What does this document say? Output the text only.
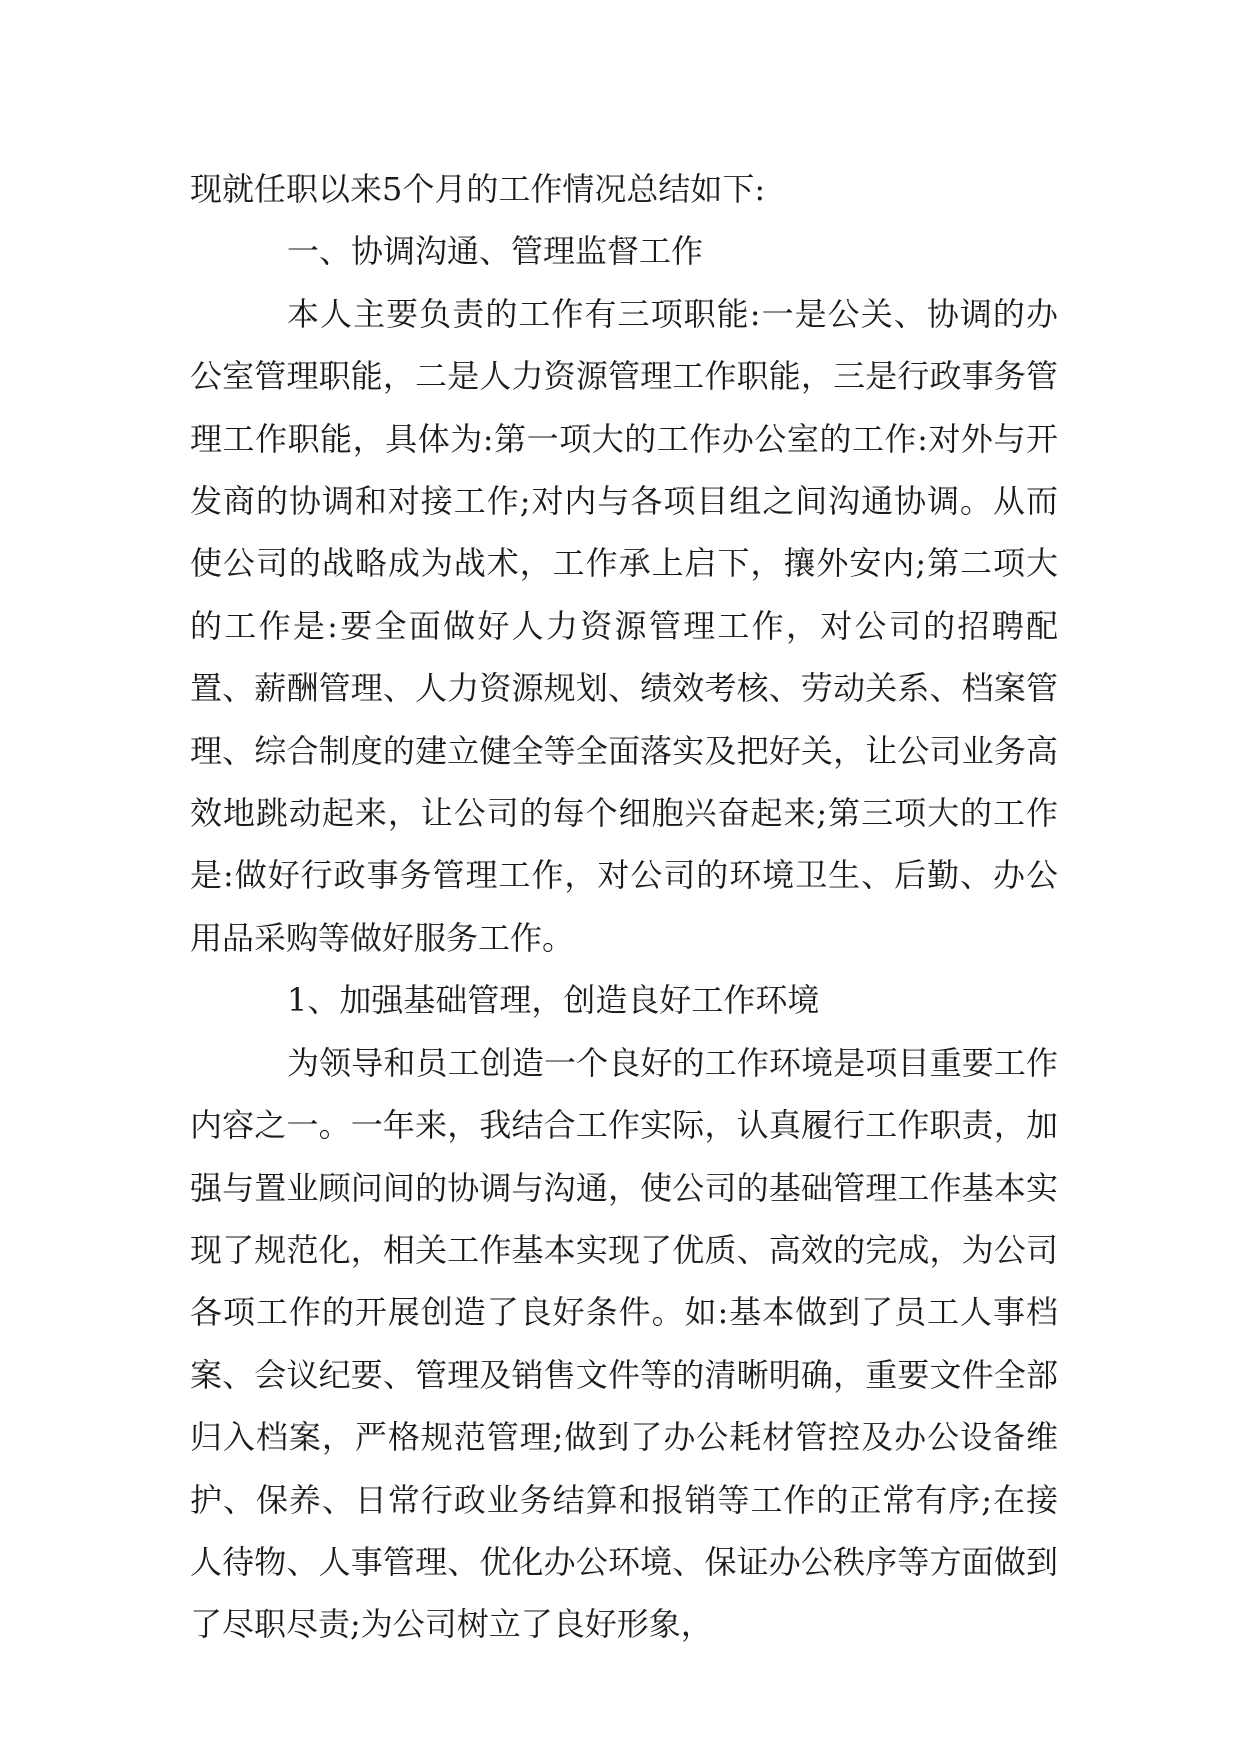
现就任职以来5个月的工作情况总结如下:

一、协调沟通、管理监督工作

本人主要负责的工作有三项职能:一是公关、协调的办公室管理职能，二是人力资源管理工作职能，三是行政事务管理工作职能，具体为:第一项大的工作办公室的工作:对外与开发商的协调和对接工作;对内与各项目组之间沟通协调。从而使公司的战略成为战术，工作承上启下，攘外安内;第二项大的工作是:要全面做好人力资源管理工作，对公司的招聘配置、薪酬管理、人力资源规划、绩效考核、劳动关系、档案管理、综合制度的建立健全等全面落实及把好关，让公司业务高效地跳动起来，让公司的每个细胞兴奋起来;第三项大的工作是:做好行政事务管理工作，对公司的环境卫生、后勤、办公用品采购等做好服务工作。

1、加强基础管理，创造良好工作环境

为领导和员工创造一个良好的工作环境是项目重要工作内容之一。一年来，我结合工作实际，认真履行工作职责，加强与置业顾问间的协调与沟通，使公司的基础管理工作基本实现了规范化，相关工作基本实现了优质、高效的完成，为公司各项工作的开展创造了良好条件。如:基本做到了员工人事档案、会议纪要、管理及销售文件等的清晰明确，重要文件全部归入档案，严格规范管理;做到了办公耗材管控及办公设备维护、保养、日常行政业务结算和报销等工作的正常有序;在接人待物、人事管理、优化办公环境、保证办公秩序等方面做到了尽职尽责;为公司树立了良好形象，
